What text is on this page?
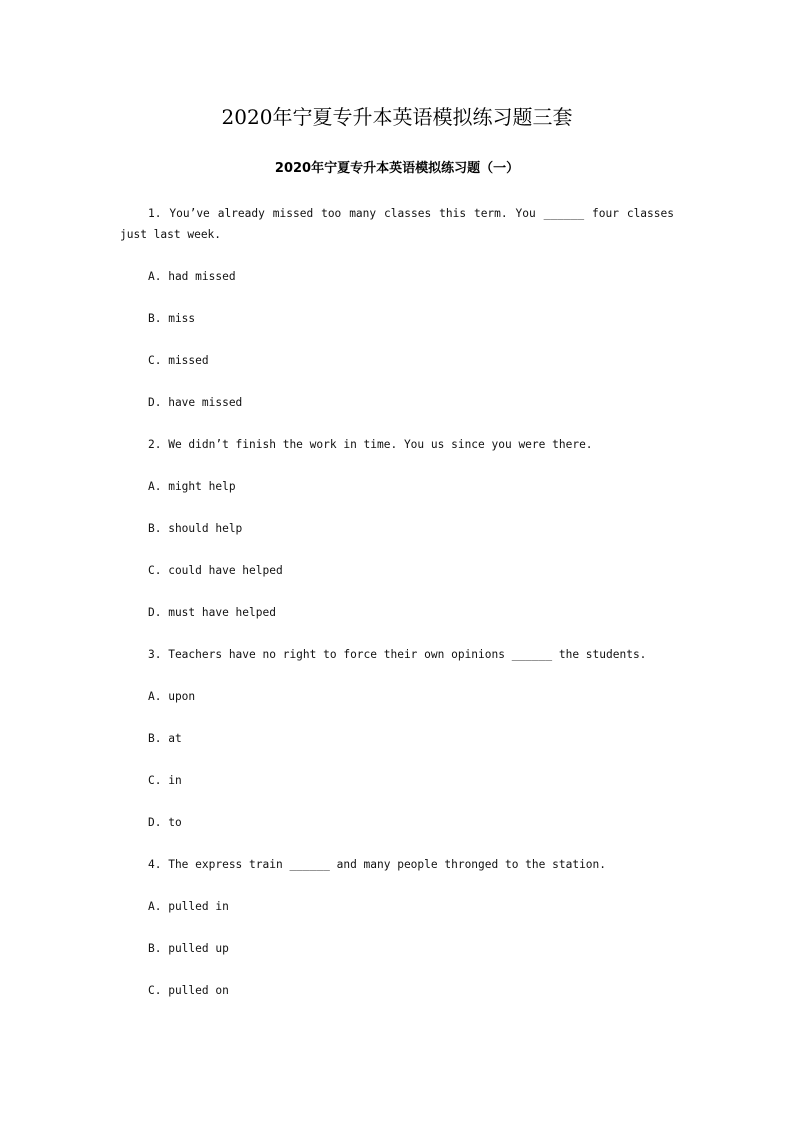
2020年宁夏专升本英语模拟练习题三套
2020年宁夏专升本英语模拟练习题（一）

1. You’ve already missed too many classes this term. You ______ four classes just last week.

A. had missed

B. miss

C. missed

D. have missed

2. We didn’t finish the work in time. You us since you were there.

A. might help

B. should help

C. could have helped

D. must have helped

3. Teachers have no right to force their own opinions ______ the students.

A. upon

B. at

C. in

D. to

4. The express train ______ and many people thronged to the station.

A. pulled in

B. pulled up

C. pulled on
